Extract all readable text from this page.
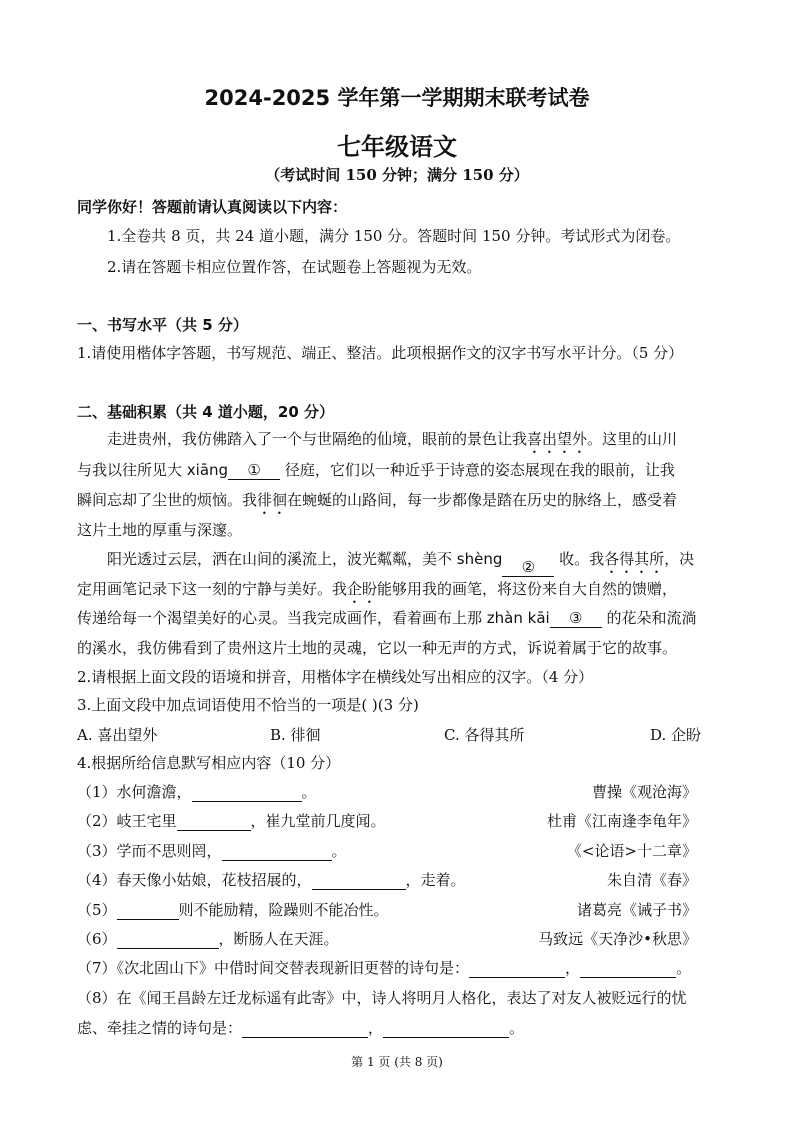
2024-2025 学年第一学期期末联考试卷
七年级语文
（考试时间 150 分钟；满分 150 分）
同学你好！答题前请认真阅读以下内容：
1.全卷共 8 页，共 24 道小题，满分 150 分。答题时间 150 分钟。考试形式为闭卷。
2.请在答题卡相应位置作答，在试题卷上答题视为无效。
一、书写水平（共 5 分）
1.请使用楷体字答题，书写规范、端正、整洁。此项根据作文的汉字书写水平计分。（5 分）
二、基础积累（共 4 道小题，20 分）
走进贵州，我仿佛踏入了一个与世隔绝的仙境，眼前的景色让我喜出望外。这里的山川
与我以往所见大 xiāng ① 径庭，它们以一种近乎于诗意的姿态展现在我的眼前，让我
瞬间忘却了尘世的烦恼。我徘徊在蜿蜒的山路间，每一步都像是踏在历史的脉络上，感受着
这片土地的厚重与深邃。
阳光透过云层，洒在山间的溪流上，波光粼粼，美不 shèng ② 收。我各得其所，决
定用画笔记录下这一刻的宁静与美好。我企盼能够用我的画笔，将这份来自大自然的馈赠，
传递给每一个渴望美好的心灵。当我完成画作，看着画布上那 zhàn kāi ③ 的花朵和流淌
的溪水，我仿佛看到了贵州这片土地的灵魂，它以一种无声的方式，诉说着属于它的故事。
2.请根据上面文段的语境和拼音，用楷体字在横线处写出相应的汉字。（4 分）
3.上面文段中加点词语使用不恰当的一项是( )(3 分)
A. 喜出望外	B. 徘徊	C. 各得其所	D. 企盼
4.根据所给信息默写相应内容（10 分）
（1）水何澹澹，	。	曹操《观沧海》
（2）岐王宅里	，崔九堂前几度闻。	杜甫《江南逢李龟年》
（3）学而不思则罔，	。	《<论语>十二章》
（4）春天像小姑娘，花枝招展的，	，走着。	朱自清《春》
（5）	则不能励精，险躁则不能冶性。	诸葛亮《诫子书》
（6）	，断肠人在天涯。	马致远《天净沙•秋思》
（7）《次北固山下》中借时间交替表现新旧更替的诗句是：	，	。
（8）在《闻王昌龄左迁龙标遥有此寄》中，诗人将明月人格化，表达了对友人被贬远行的忧
虑、牵挂之情的诗句是：	，	。
第 1 页 (共 8 页)
